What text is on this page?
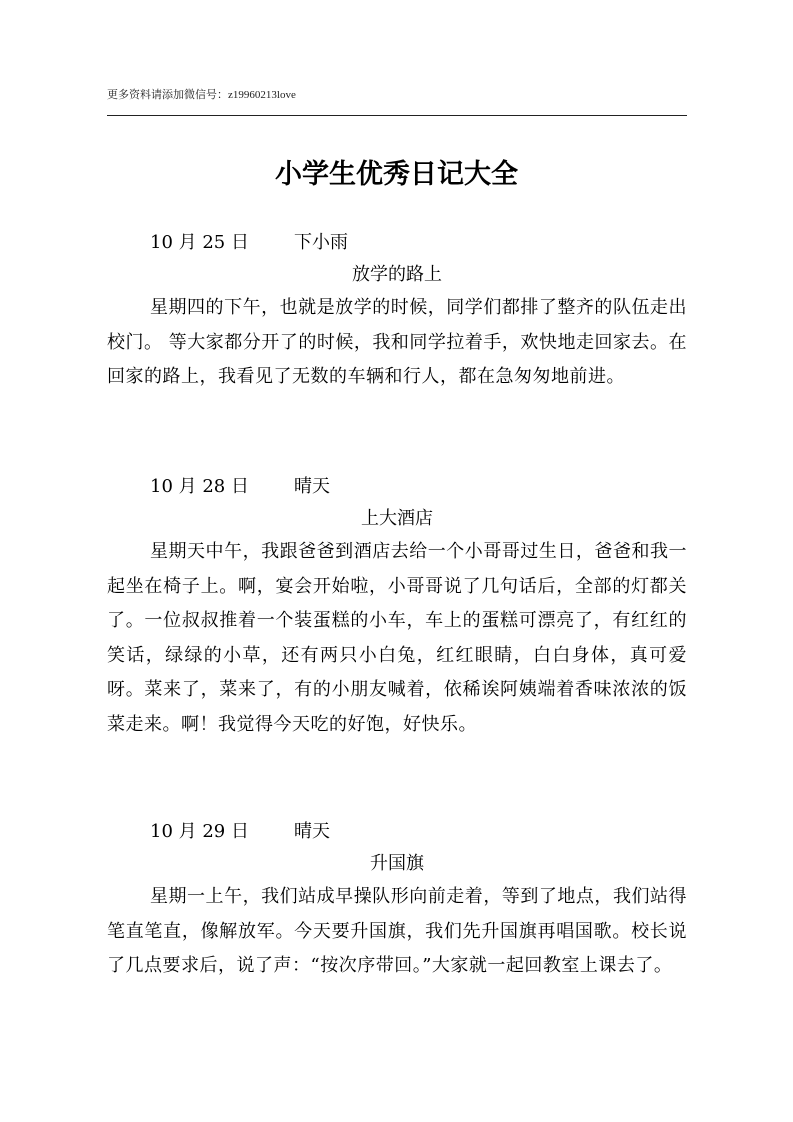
更多资料请添加微信号：z19960213love
小学生优秀日记大全
10 月 25 日	下小雨
放学的路上

星期四的下午，也就是放学的时候，同学们都排了整齐的队伍走出校门。 等大家都分开了的时候，我和同学拉着手，欢快地走回家去。在回家的路上，我看见了无数的车辆和行人，都在急匆匆地前进。

10 月 28 日	晴天
上大酒店

星期天中午，我跟爸爸到酒店去给一个小哥哥过生日，爸爸和我一起坐在椅子上。啊，宴会开始啦，小哥哥说了几句话后，全部的灯都关了。一位叔叔推着一个装蛋糕的小车，车上的蛋糕可漂亮了，有红红的笑话，绿绿的小草，还有两只小白兔，红红眼睛，白白身体，真可爱呀。菜来了，菜来了，有的小朋友喊着，依稀诶阿姨端着香味浓浓的饭菜走来。啊！我觉得今天吃的好饱，好快乐。

10 月 29 日	晴天
升国旗

星期一上午，我们站成早操队形向前走着，等到了地点，我们站得笔直笔直，像解放军。今天要升国旗，我们先升国旗再唱国歌。校长说了几点要求后，说了声：“按次序带回。”大家就一起回教室上课去了。
